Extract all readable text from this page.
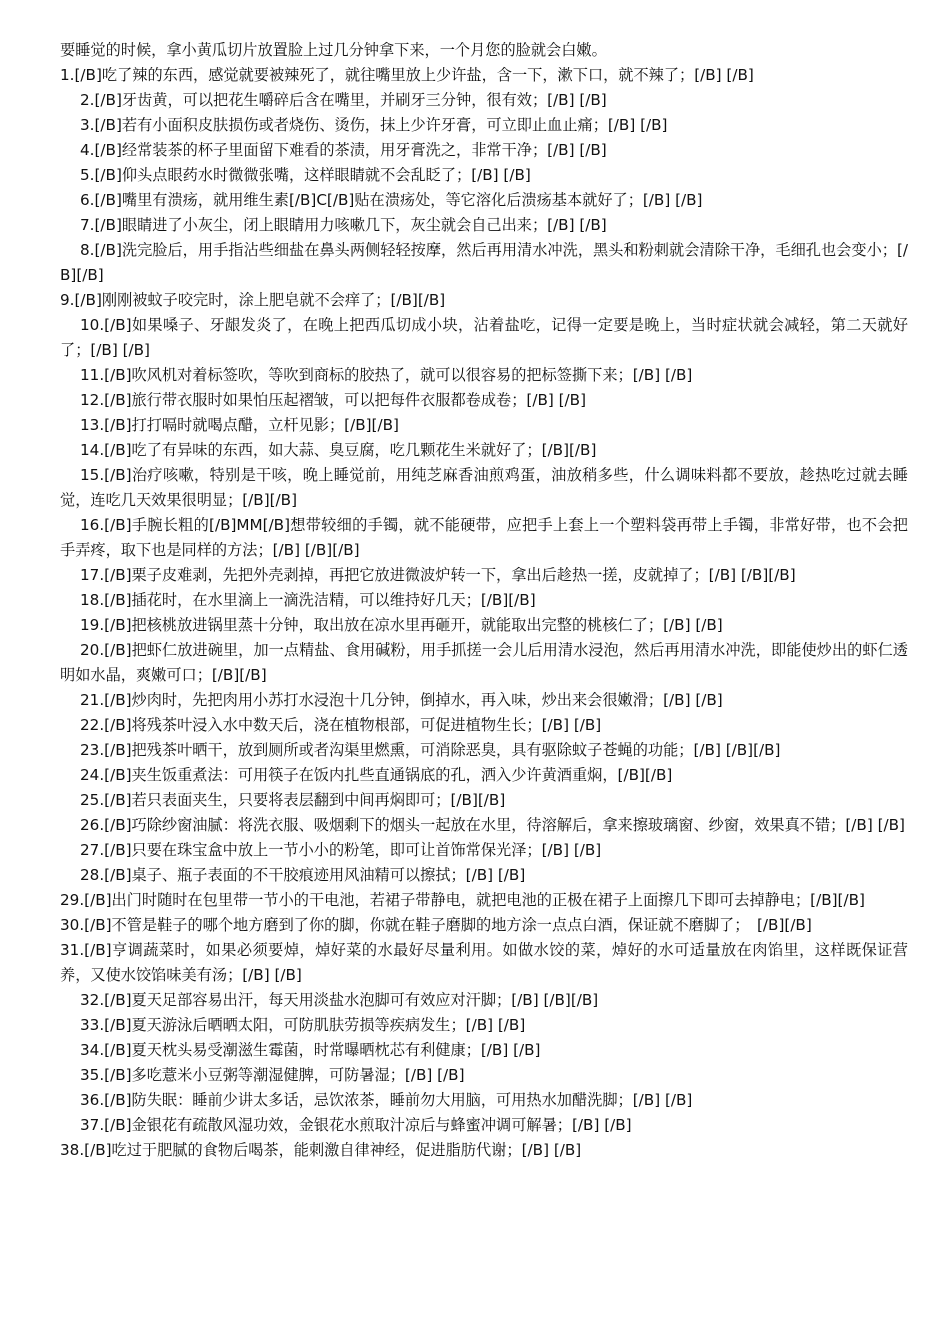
要睡觉的时候，拿小黄瓜切片放置脸上过几分钟拿下来，一个月您的脸就会白嫩。

1.[/B]吃了辣的东西，感觉就要被辣死了，就往嘴里放上少许盐，含一下，漱下口，就不辣了；[/B] [/B]

2.[/B]牙齿黄，可以把花生嚼碎后含在嘴里，并刷牙三分钟，很有效；[/B] [/B]

3.[/B]若有小面积皮肤损伤或者烧伤、烫伤，抹上少许牙膏，可立即止血止痛；[/B] [/B]

4.[/B]经常装茶的杯子里面留下难看的茶渍，用牙膏洗之，非常干净；[/B] [/B]

5.[/B]仰头点眼药水时微微张嘴，这样眼睛就不会乱眨了；[/B] [/B]

6.[/B]嘴里有溃疡，就用维生素[/B]C[/B]贴在溃疡处，等它溶化后溃疡基本就好了；[/B] [/B]

7.[/B]眼睛进了小灰尘，闭上眼睛用力咳嗽几下，灰尘就会自己出来；[/B] [/B]

8.[/B]洗完脸后，用手指沾些细盐在鼻头两侧轻轻按摩，然后再用清水冲洗，黑头和粉刺就会清除干净，毛细孔也会变小；[/B][/B]

9.[/B]刚刚被蚊子咬完时，涂上肥皂就不会痒了；[/B][/B]

10.[/B]如果嗓子、牙龈发炎了，在晚上把西瓜切成小块，沾着盐吃，记得一定要是晚上，当时症状就会减轻，第二天就好了；[/B] [/B]

11.[/B]吹风机对着标签吹，等吹到商标的胶热了，就可以很容易的把标签撕下来；[/B] [/B]

12.[/B]旅行带衣服时如果怕压起褶皱，可以把每件衣服都卷成卷；[/B] [/B]

13.[/B]打打嗝时就喝点醋，立杆见影；[/B][/B]

14.[/B]吃了有异味的东西，如大蒜、臭豆腐，吃几颗花生米就好了；[/B][/B]

15.[/B]治疗咳嗽，特别是干咳，晚上睡觉前，用纯芝麻香油煎鸡蛋，油放稍多些，什么调味料都不要放，趁热吃过就去睡觉，连吃几天效果很明显；[/B][/B]

16.[/B]手腕长粗的[/B]MM[/B]想带较细的手镯，就不能硬带，应把手上套上一个塑料袋再带上手镯，非常好带，也不会把手弄疼，取下也是同样的方法；[/B] [/B][/B]

17.[/B]栗子皮难剥，先把外壳剥掉，再把它放进微波炉转一下，拿出后趁热一搓，皮就掉了；[/B] [/B][/B]

18.[/B]插花时，在水里滴上一滴洗洁精，可以维持好几天；[/B][/B]

19.[/B]把核桃放进锅里蒸十分钟，取出放在凉水里再砸开，就能取出完整的桃核仁了；[/B] [/B]

20.[/B]把虾仁放进碗里，加一点精盐、食用碱粉，用手抓搓一会儿后用清水浸泡，然后再用清水冲洗，即能使炒出的虾仁透明如水晶，爽嫩可口；[/B][/B]

21.[/B]炒肉时，先把肉用小苏打水浸泡十几分钟，倒掉水，再入味，炒出来会很嫩滑；[/B] [/B]

22.[/B]将残茶叶浸入水中数天后，浇在植物根部，可促进植物生长；[/B] [/B]

23.[/B]把残茶叶晒干，放到厕所或者沟渠里燃熏，可消除恶臭，具有驱除蚊子苍蝇的功能；[/B] [/B][/B]

24.[/B]夹生饭重煮法：可用筷子在饭内扎些直通锅底的孔，洒入少许黄酒重焖，[/B][/B]

25.[/B]若只表面夹生，只要将表层翻到中间再焖即可；[/B][/B]

26.[/B]巧除纱窗油腻：将洗衣服、吸烟剩下的烟头一起放在水里，待溶解后，拿来擦玻璃窗、纱窗，效果真不错；[/B] [/B]

27.[/B]只要在珠宝盒中放上一节小小的粉笔，即可让首饰常保光泽；[/B] [/B]

28.[/B]桌子、瓶子表面的不干胶痕迹用风油精可以擦拭；[/B] [/B]

29.[/B]出门时随时在包里带一节小的干电池，若裙子带静电，就把电池的正极在裙子上面擦几下即可去掉静电；[/B][/B]

30.[/B]不管是鞋子的哪个地方磨到了你的脚，你就在鞋子磨脚的地方涂一点点白酒，保证就不磨脚了；　[/B][/B]

31.[/B]亨调蔬菜时，如果必须要焯，焯好菜的水最好尽量利用。如做水饺的菜，焯好的水可适量放在肉馅里，这样既保证营养，又使水饺馅味美有汤；[/B] [/B]

32.[/B]夏天足部容易出汗，每天用淡盐水泡脚可有效应对汗脚；[/B] [/B][/B]

33.[/B]夏天游泳后晒晒太阳，可防肌肤劳损等疾病发生；[/B] [/B]

34.[/B]夏天枕头易受潮滋生霉菌，时常曝晒枕芯有利健康；[/B] [/B]

35.[/B]多吃薏米小豆粥等潮湿健脾，可防暑湿；[/B] [/B]

36.[/B]防失眠：睡前少讲太多话，忌饮浓茶，睡前勿大用脑，可用热水加醋洗脚；[/B] [/B]

37.[/B]金银花有疏散风湿功效，金银花水煎取汁凉后与蜂蜜冲调可解暑；[/B] [/B]

38.[/B]吃过于肥腻的食物后喝茶，能刺激自律神经，促进脂肪代谢；[/B] [/B]
